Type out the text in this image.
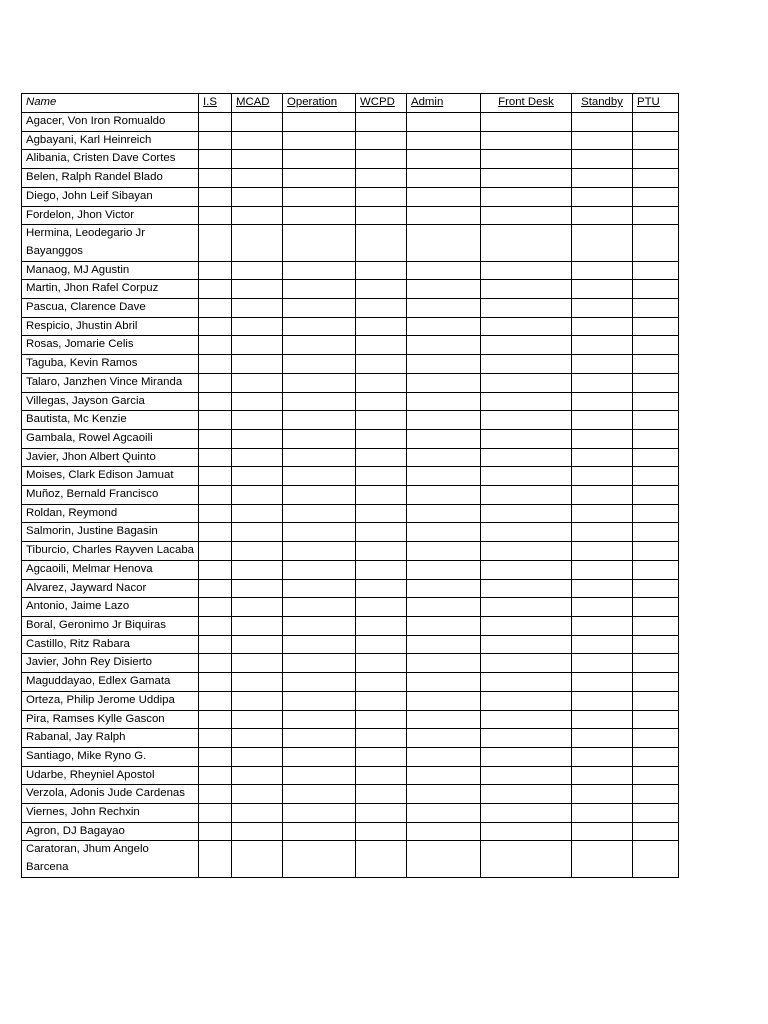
Name	I.S	MCAD	Operation	WCPD	Admin	Front Desk	Standby	PTU
Agacer, Von Iron Romualdo								
Agbayani, Karl Heinreich								
Alibania, Cristen Dave Cortes								
Belen, Ralph Randel Blado								
Diego, John Leif Sibayan								
Fordelon, Jhon Victor								
Hermina, Leodegario Jr Bayanggos								
Manaog, MJ Agustin								
Martin, Jhon Rafel Corpuz								
Pascua, Clarence Dave								
Respicio, Jhustin Abril								
Rosas, Jomarie Celis								
Taguba, Kevin Ramos								
Talaro, Janzhen Vince Miranda								
Villegas, Jayson Garcia								
Bautista, Mc Kenzie								
Gambala, Rowel Agcaoili								
Javier, Jhon Albert Quinto								
Moises, Clark Edison Jamuat								
Muñoz, Bernald Francisco								
Roldan, Reymond								
Salmorin, Justine Bagasin								
Tiburcio, Charles Rayven Lacaba								
Agcaoili, Melmar Henova								
Alvarez, Jayward Nacor								
Antonio, Jaime Lazo								
Boral, Geronimo Jr Biquiras								
Castillo, Ritz Rabara								
Javier, John Rey Disierto								
Maguddayao, Edlex Gamata								
Orteza, Philip Jerome Uddipa								
Pira, Ramses Kylle Gascon								
Rabanal, Jay Ralph								
Santiago, Mike Ryno G.								
Udarbe, Rheyniel Apostol								
Verzola, Adonis Jude Cardenas								
Viernes, John Rechxin								
Agron, DJ Bagayao								
Caratoran, Jhum Angelo Barcena								
